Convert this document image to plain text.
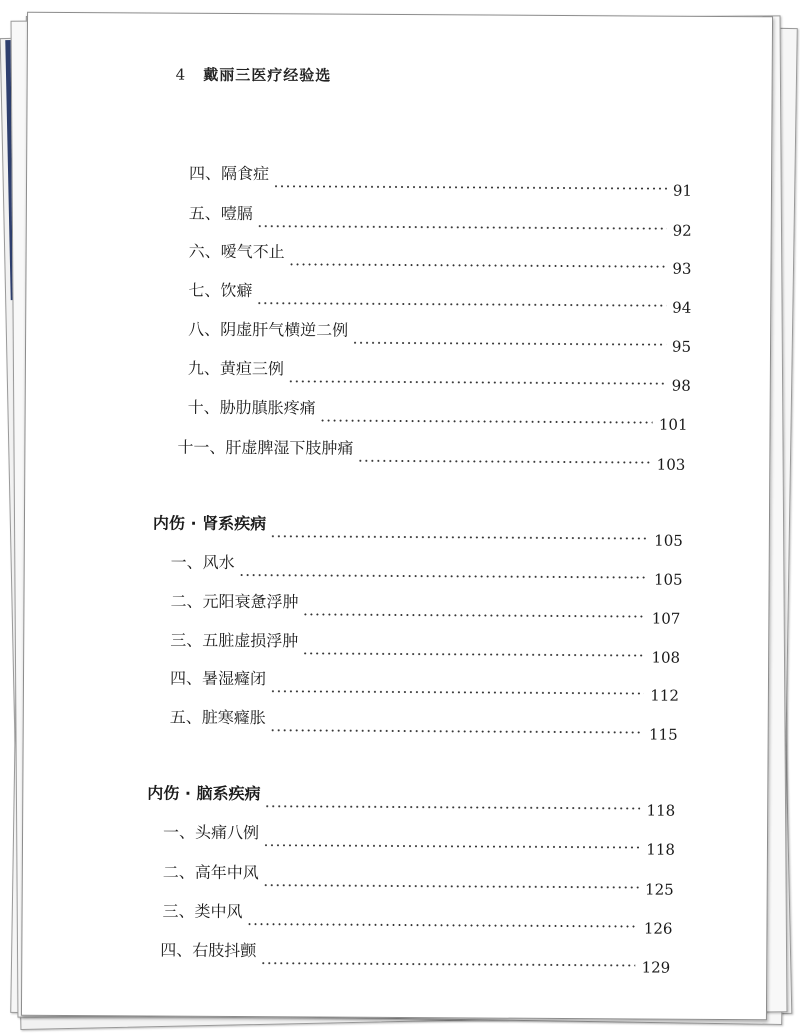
4 戴丽三医疗经验选
四、隔食症
91
五、噎膈
92
六、嗳气不止
93
七、饮癖
94
八、阴虚肝气横逆二例
95
九、黄疸三例
98
十、胁肋䐜胀疼痛
101
十一、肝虚脾湿下肢肿痛
103
内伤 · 肾系疾病
105
一、风水
105
二、元阳衰惫浮肿
107
三、五脏虚损浮肿
108
四、暑湿癃闭
112
五、脏寒癃胀
115
内伤 · 脑系疾病
118
一、头痛八例
118
二、高年中风
125
三、类中风
126
四、右肢抖颤
129
